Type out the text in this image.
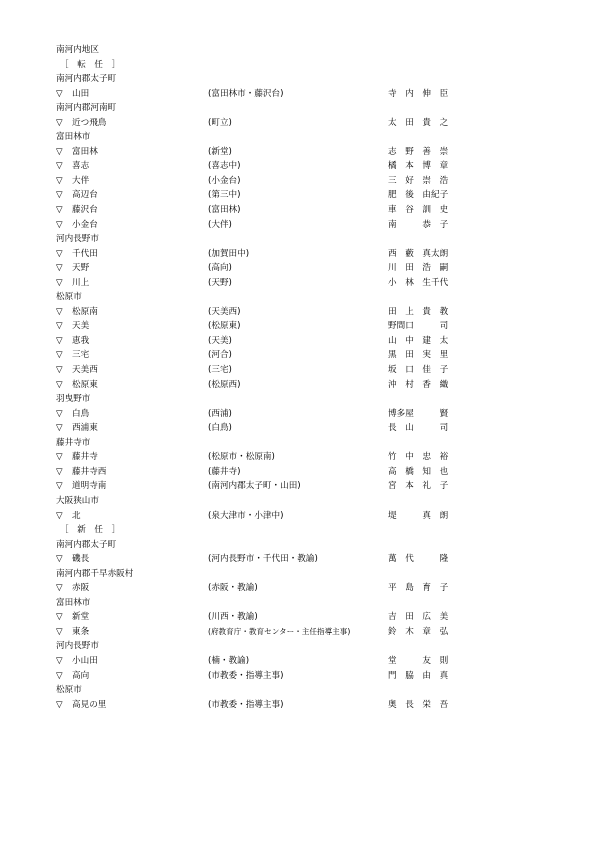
南河内地区
［　転　任　］
南河内郡太子町
▽ 山田	(富田林市・藤沢台)	寺　内　伸　臣
南河内郡河南町
▽ 近つ飛鳥	(町立)	太　田　貴　之
富田林市
▽ 富田林	(新堂)	志　野　善　崇
▽ 喜志	(喜志中)	橘　本　博　章
▽ 大伴	(小金台)	三　好　崇　浩
▽ 高辺台	(第三中)	肥　後　由紀子
▽ 藤沢台	(富田林)	車　谷　訓　史
▽ 小金台	(大伴)	南　　　恭　子
河内長野市
▽ 千代田	(加賀田中)	西　藪　真太朗
▽ 天野	(高向)	川　田　浩　嗣
▽ 川上	(天野)	小　林　生千代
松原市
▽ 松原南	(天美西)	田　上　貴　教
▽ 天美	(松原東)	野間口　　　司
▽ 恵我	(天美)	山　中　建　太
▽ 三宅	(河合)	黒　田　実　里
▽ 天美西	(三宅)	坂　口　佳　子
▽ 松原東	(松原西)	沖　村　香　織
羽曳野市
▽ 白鳥	(西浦)	博多屋　　　賢
▽ 西浦東	(白鳥)	長　山　　　司
藤井寺市
▽ 藤井寺	(松原市・松原南)	竹　中　忠　裕
▽ 藤井寺西	(藤井寺)	高　橋　知　也
▽ 道明寺南	(南河内郡太子町・山田)	宮　本　礼　子
大阪狭山市
▽ 北	(泉大津市・小津中)	堤　　　真　朗
［　新　任　］
南河内郡太子町
▽ 磯長	(河内長野市・千代田・教諭)	萬　代　　　隆
南河内郡千早赤阪村
▽ 赤阪	(赤阪・教諭)	平　島　育　子
富田林市
▽ 新堂	(川西・教諭)	吉　田　広　美
▽ 東条	(府教育庁・教育センター・主任指導主事)	鈴　木　章　弘
河内長野市
▽ 小山田	(楠・教諭)	堂　　　友　則
▽ 高向	(市教委・指導主事)	門　脇　由　真
松原市
▽ 高見の里	(市教委・指導主事)	奥　長　栄　吾
